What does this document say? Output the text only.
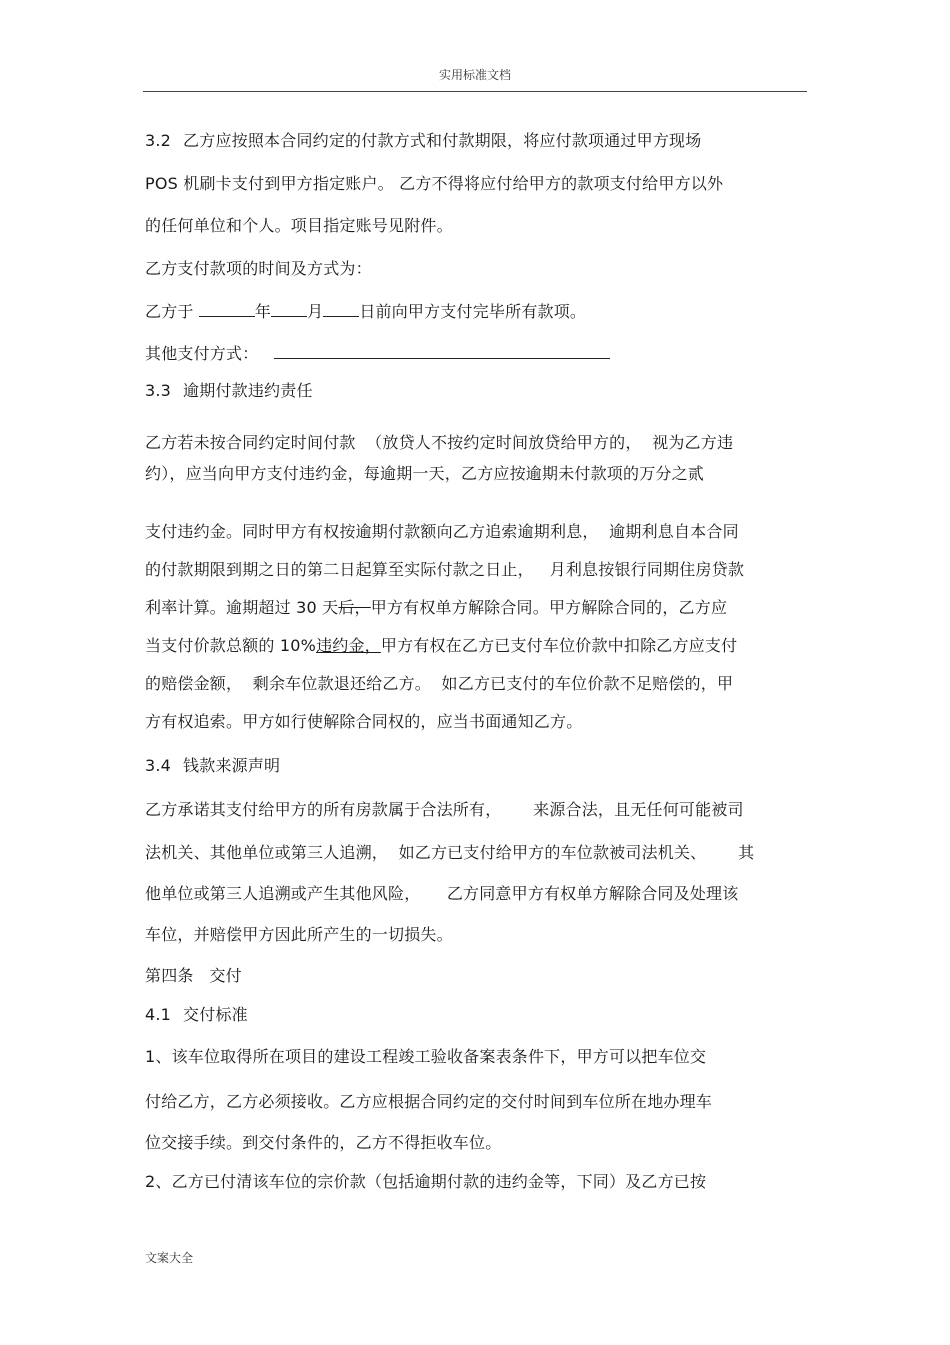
实用标准文档
3.2 乙方应按照本合同约定的付款方式和付款期限，将应付款项通过甲方现场
POS 机刷卡支付到甲方指定账户。 乙方不得将应付给甲方的款项支付给甲方以外
的任何单位和个人。项目指定账号见附件。
乙方支付款项的时间及方式为：
乙方于	年 月 日前向甲方支付完毕所有款项。
其他支付方式：
3.3 逾期付款违约责任
乙方若未按合同约定时间付款  （放贷人不按约定时间放贷给甲方的，  视为乙方违
约），应当向甲方支付违约金，每逾期一天，乙方应按逾期未付款项的万分之贰
支付违约金。同时甲方有权按逾期付款额向乙方追索逾期利息，  逾期利息自本合同
的付款期限到期之日的第二日起算至实际付款之日止，   月利息按银行同期住房贷款
利率计算。逾期超过 30 天后，甲方有权单方解除合同。甲方解除合同的，乙方应
当支付价款总额的 10%违约金，甲方有权在乙方已支付车位价款中扣除乙方应支付
的赔偿金额，  剩余车位款退还给乙方。  如乙方已支付的车位价款不足赔偿的，甲
方有权追索。甲方如行使解除合同权的，应当书面通知乙方。
3.4 钱款来源声明
乙方承诺其支付给甲方的所有房款属于合法所有，      来源合法，且无任何可能被司
法机关、其他单位或第三人追溯，  如乙方已支付给甲方的车位款被司法机关、      其
他单位或第三人追溯或产生其他风险，     乙方同意甲方有权单方解除合同及处理该
车位，并赔偿甲方因此所产生的一切损失。
第四条   交付
4.1 交付标准
1、该车位取得所在项目的建设工程竣工验收备案表条件下，甲方可以把车位交
付给乙方，乙方必须接收。乙方应根据合同约定的交付时间到车位所在地办理车
位交接手续。到交付条件的，乙方不得拒收车位。
2、乙方已付清该车位的宗价款（包括逾期付款的违约金等，下同）及乙方已按
文案大全
